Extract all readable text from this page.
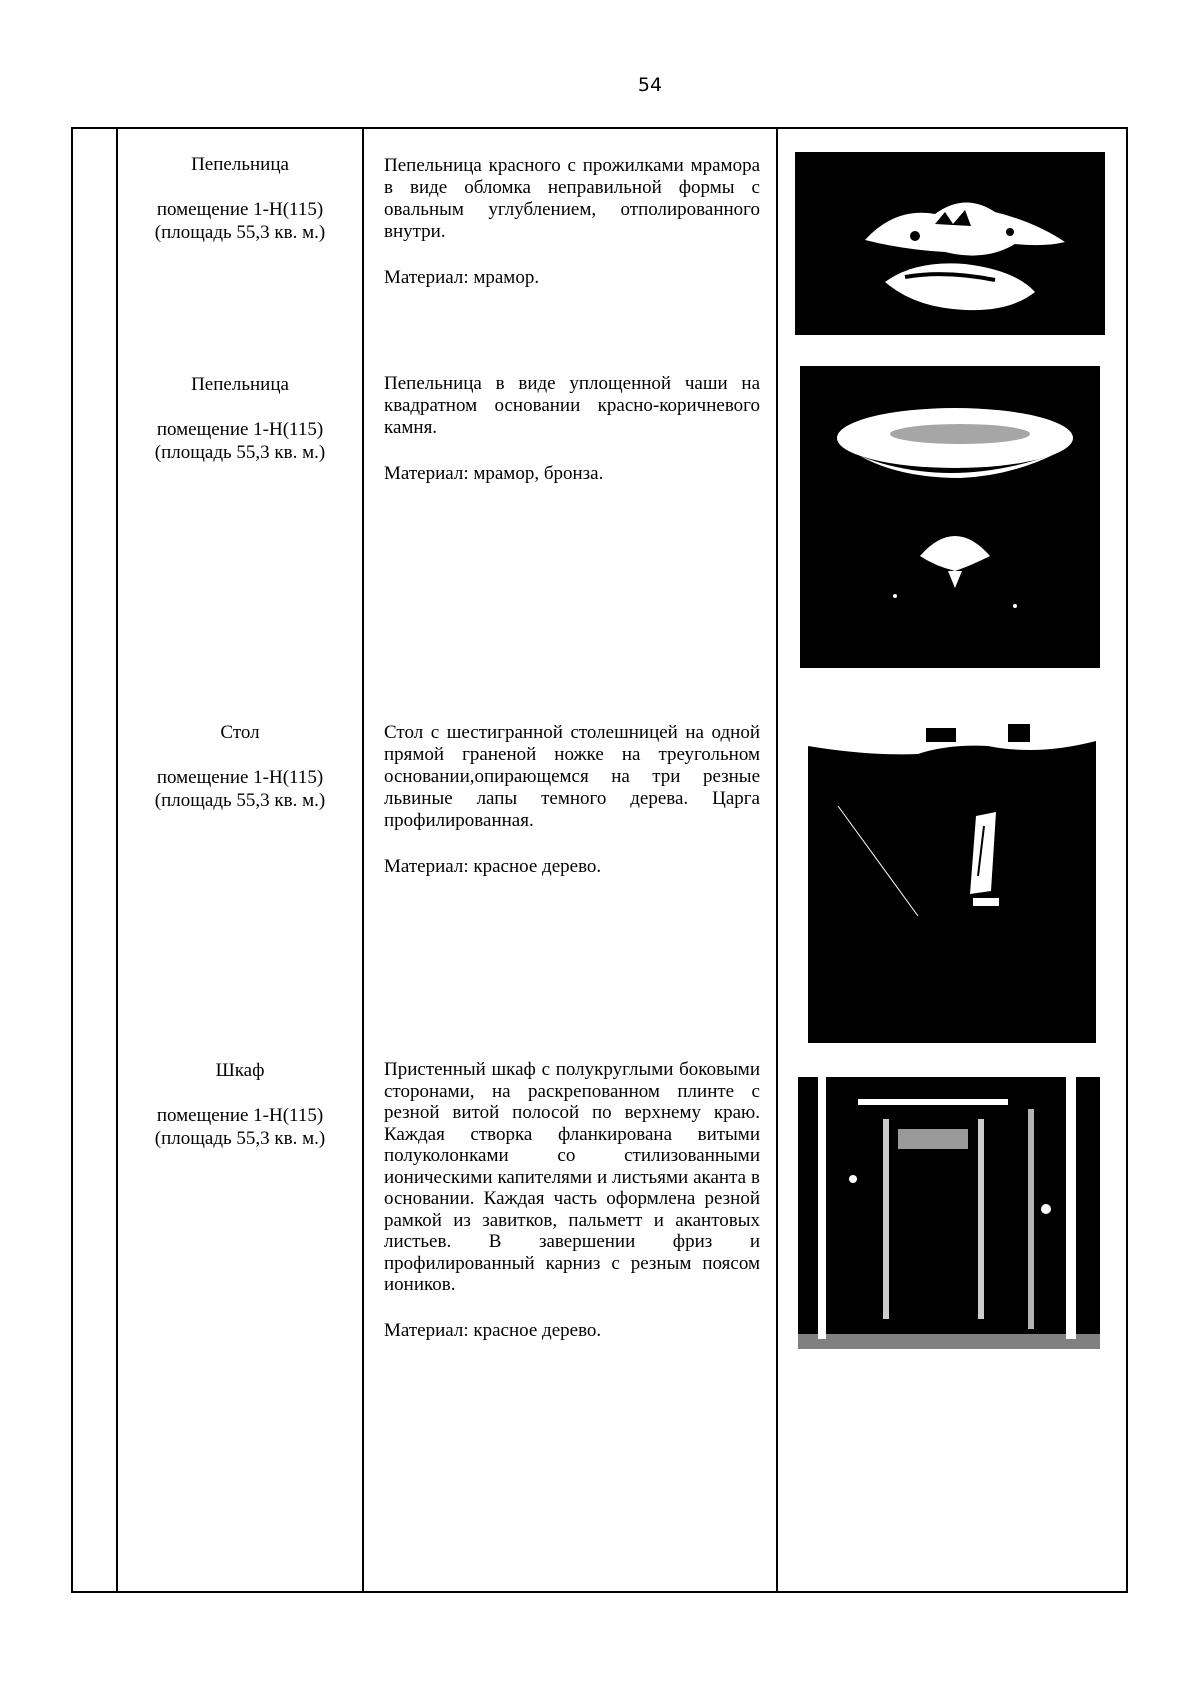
54
Пепельница
помещение 1-Н(115)
(площадь 55,3 кв. м.)

Пепельница красного с прожилками мрамора в виде обломка неправильной формы с овальным углублением, отполированного внутри.

Материал: мрамор.

Пепельница
помещение 1-Н(115)
(площадь 55,3 кв. м.)

Пепельница в виде уплощенной чаши на квадратном основании красно-коричневого камня.

Материал: мрамор, бронза.

Стол
помещение 1-Н(115)
(площадь 55,3 кв. м.)

Стол с шестигранной столешницей на одной прямой граненой ножке на треугольном основании,опирающемся на три резные львиные лапы темного дерева. Царга профилированная.

Материал: красное дерево.

Шкаф
помещение 1-Н(115)
(площадь 55,3 кв. м.)

Пристенный шкаф с полукруглыми боковыми сторонами, на раскрепованном плинте с резной витой полосой по верхнему краю. Каждая створка фланкирована витыми полуколонками со стилизованными ионическими капителями и листьями аканта в основании. Каждая часть оформлена резной рамкой из завитков, пальметт и акантовых листьев. В завершении фриз и профилированный карниз с резным поясом иоников.

Материал: красное дерево.
